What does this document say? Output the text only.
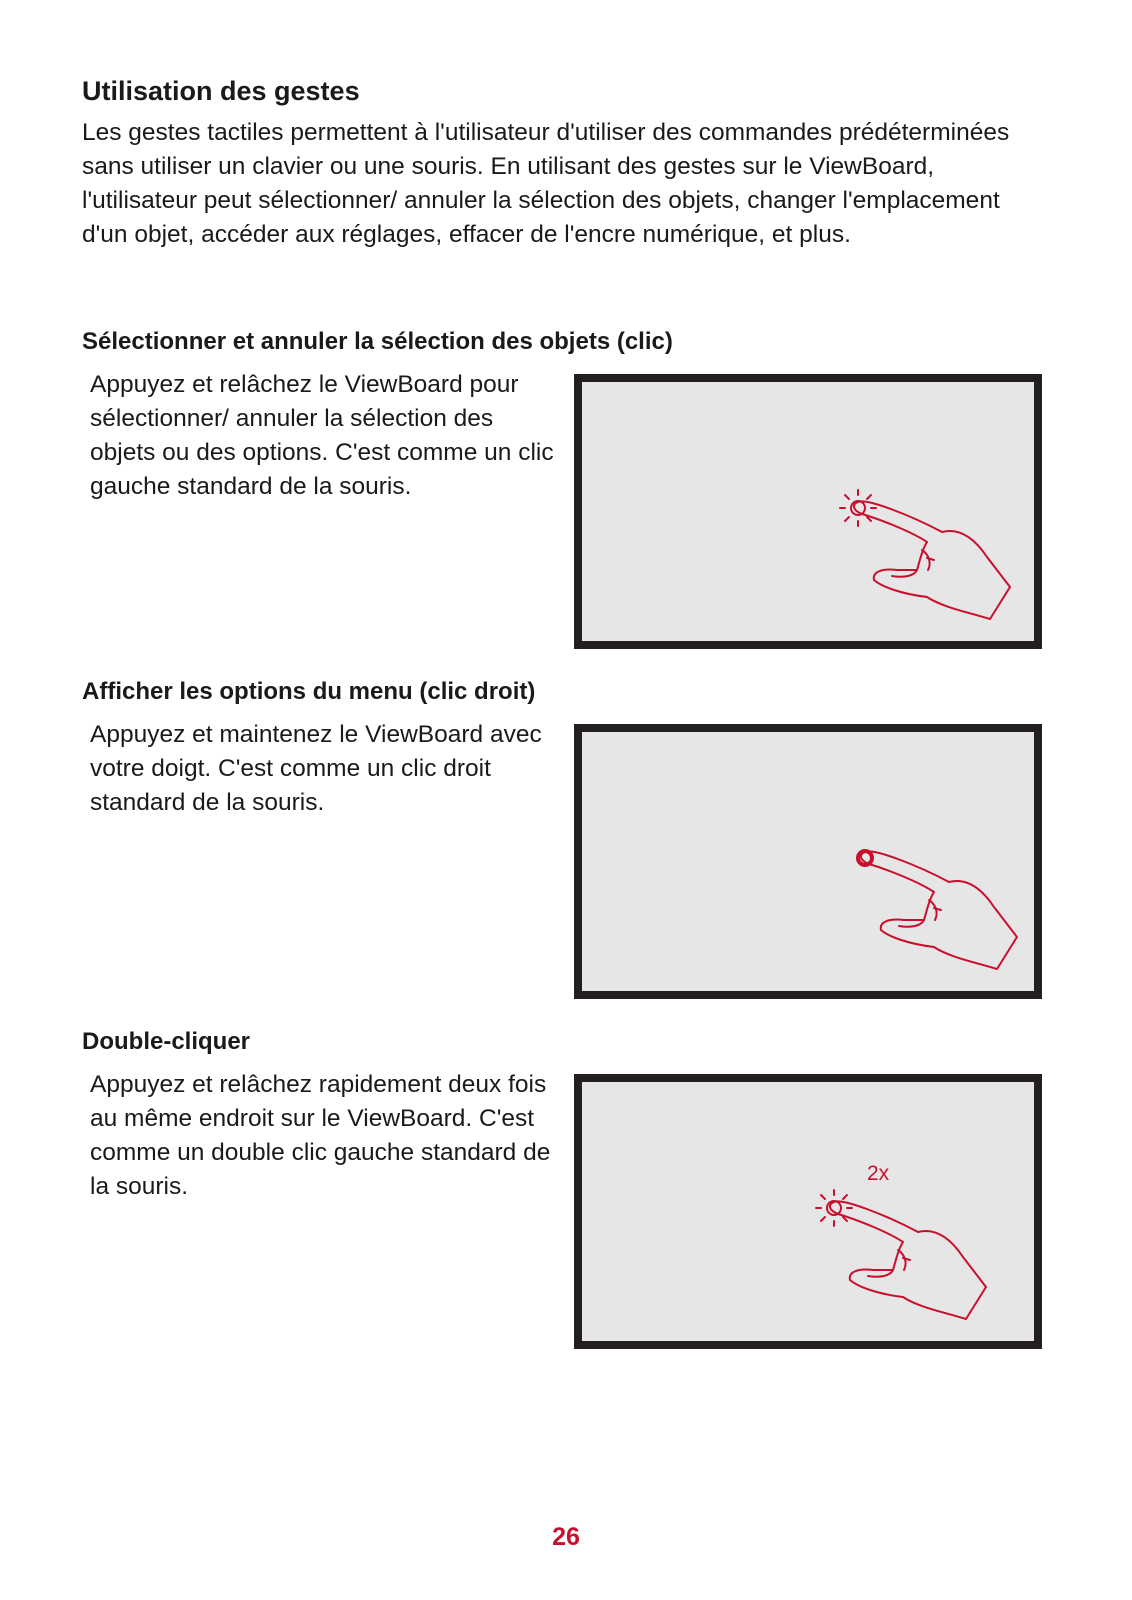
Utilisation des gestes

Les gestes tactiles permettent à l'utilisateur d'utiliser des commandes prédéterminées sans utiliser un clavier ou une souris. En utilisant des gestes sur le ViewBoard, l'utilisateur peut sélectionner/ annuler la sélection des objets, changer l'emplacement d'un objet, accéder aux réglages, effacer de l'encre numérique, et plus.

Sélectionner et annuler la sélection des objets (clic)

Appuyez et relâchez le ViewBoard pour sélectionner/ annuler la sélection des objets ou des options. C'est comme un clic gauche standard de la souris.

Afficher les options du menu (clic droit)

Appuyez et maintenez le ViewBoard avec votre doigt. C'est comme un clic droit standard de la souris.

Double-cliquer

Appuyez et relâchez rapidement deux fois au même endroit sur le ViewBoard. C'est comme un double clic gauche standard de la souris.	2x
26
